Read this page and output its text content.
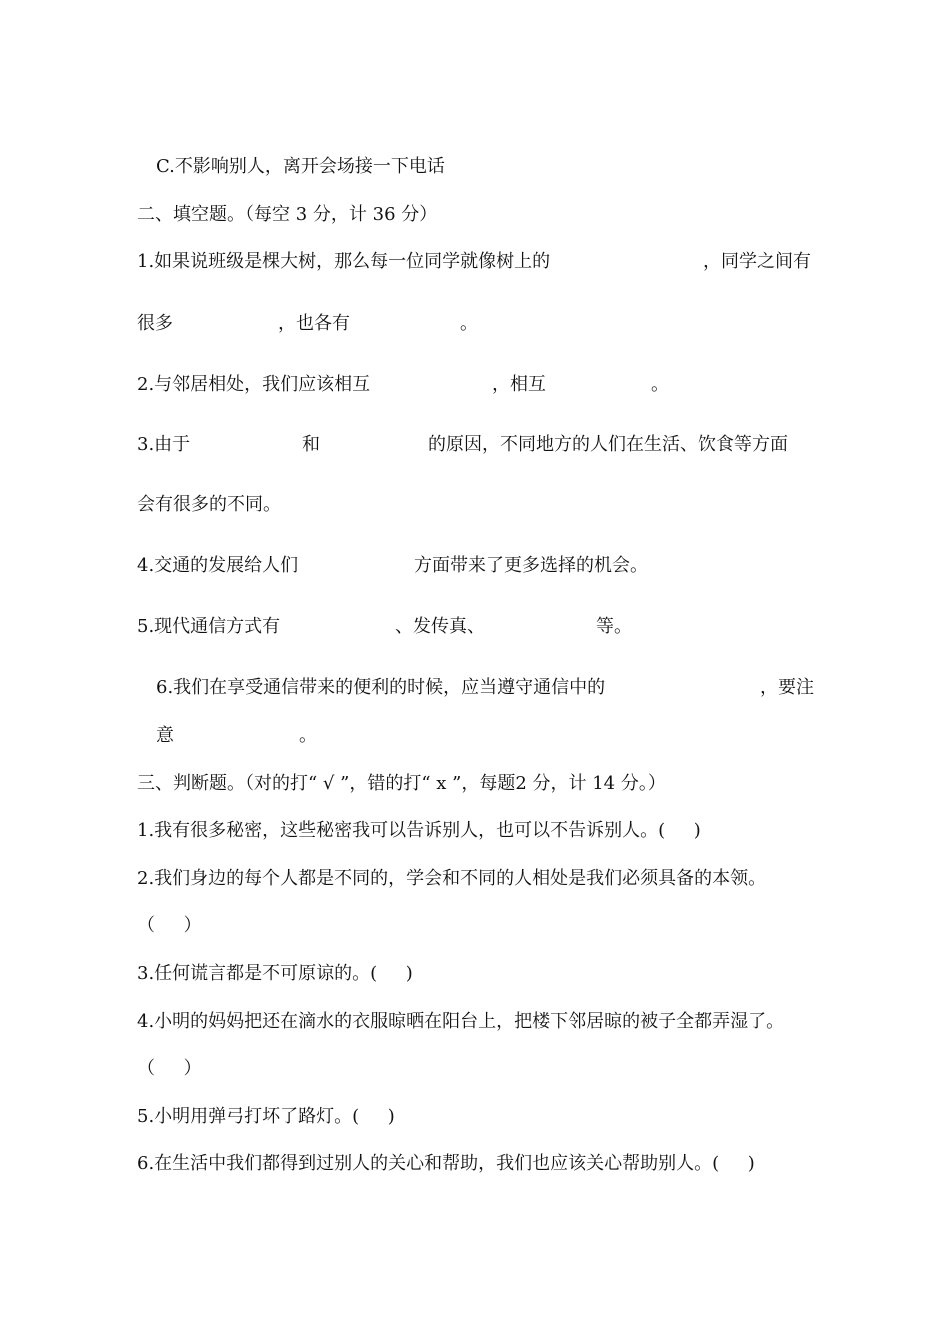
C.不影响别人，离开会场接一下电话

二、填空题。（每空 3 分，计 36 分）

1.如果说班级是棵大树，那么每一位同学就像树上的	，同学之间有

很多	，也各有	。

2.与邻居相处，我们应该相互	，相互	。

3.由于	和	的原因，不同地方的人们在生活、饮食等方面

会有很多的不同。

4.交通的发展给人们	方面带来了更多选择的机会。

5.现代通信方式有	、发传真、	等。

6.我们在享受通信带来的便利的时候，应当遵守通信中的	，要注

意	。

三、判断题。（对的打“ √ ”，错的打“ x ”，每题2 分，计 14 分。）

1.我有很多秘密，这些秘密我可以告诉别人，也可以不告诉别人。(     )

2.我们身边的每个人都是不同的，学会和不同的人相处是我们必须具备的本领。

（     ）

3.任何谎言都是不可原谅的。(     )

4.小明的妈妈把还在滴水的衣服晾晒在阳台上，把楼下邻居晾的被子全都弄湿了。

（     ）

5.小明用弹弓打坏了路灯。(     )

6.在生活中我们都得到过别人的关心和帮助，我们也应该关心帮助别人。(     )
